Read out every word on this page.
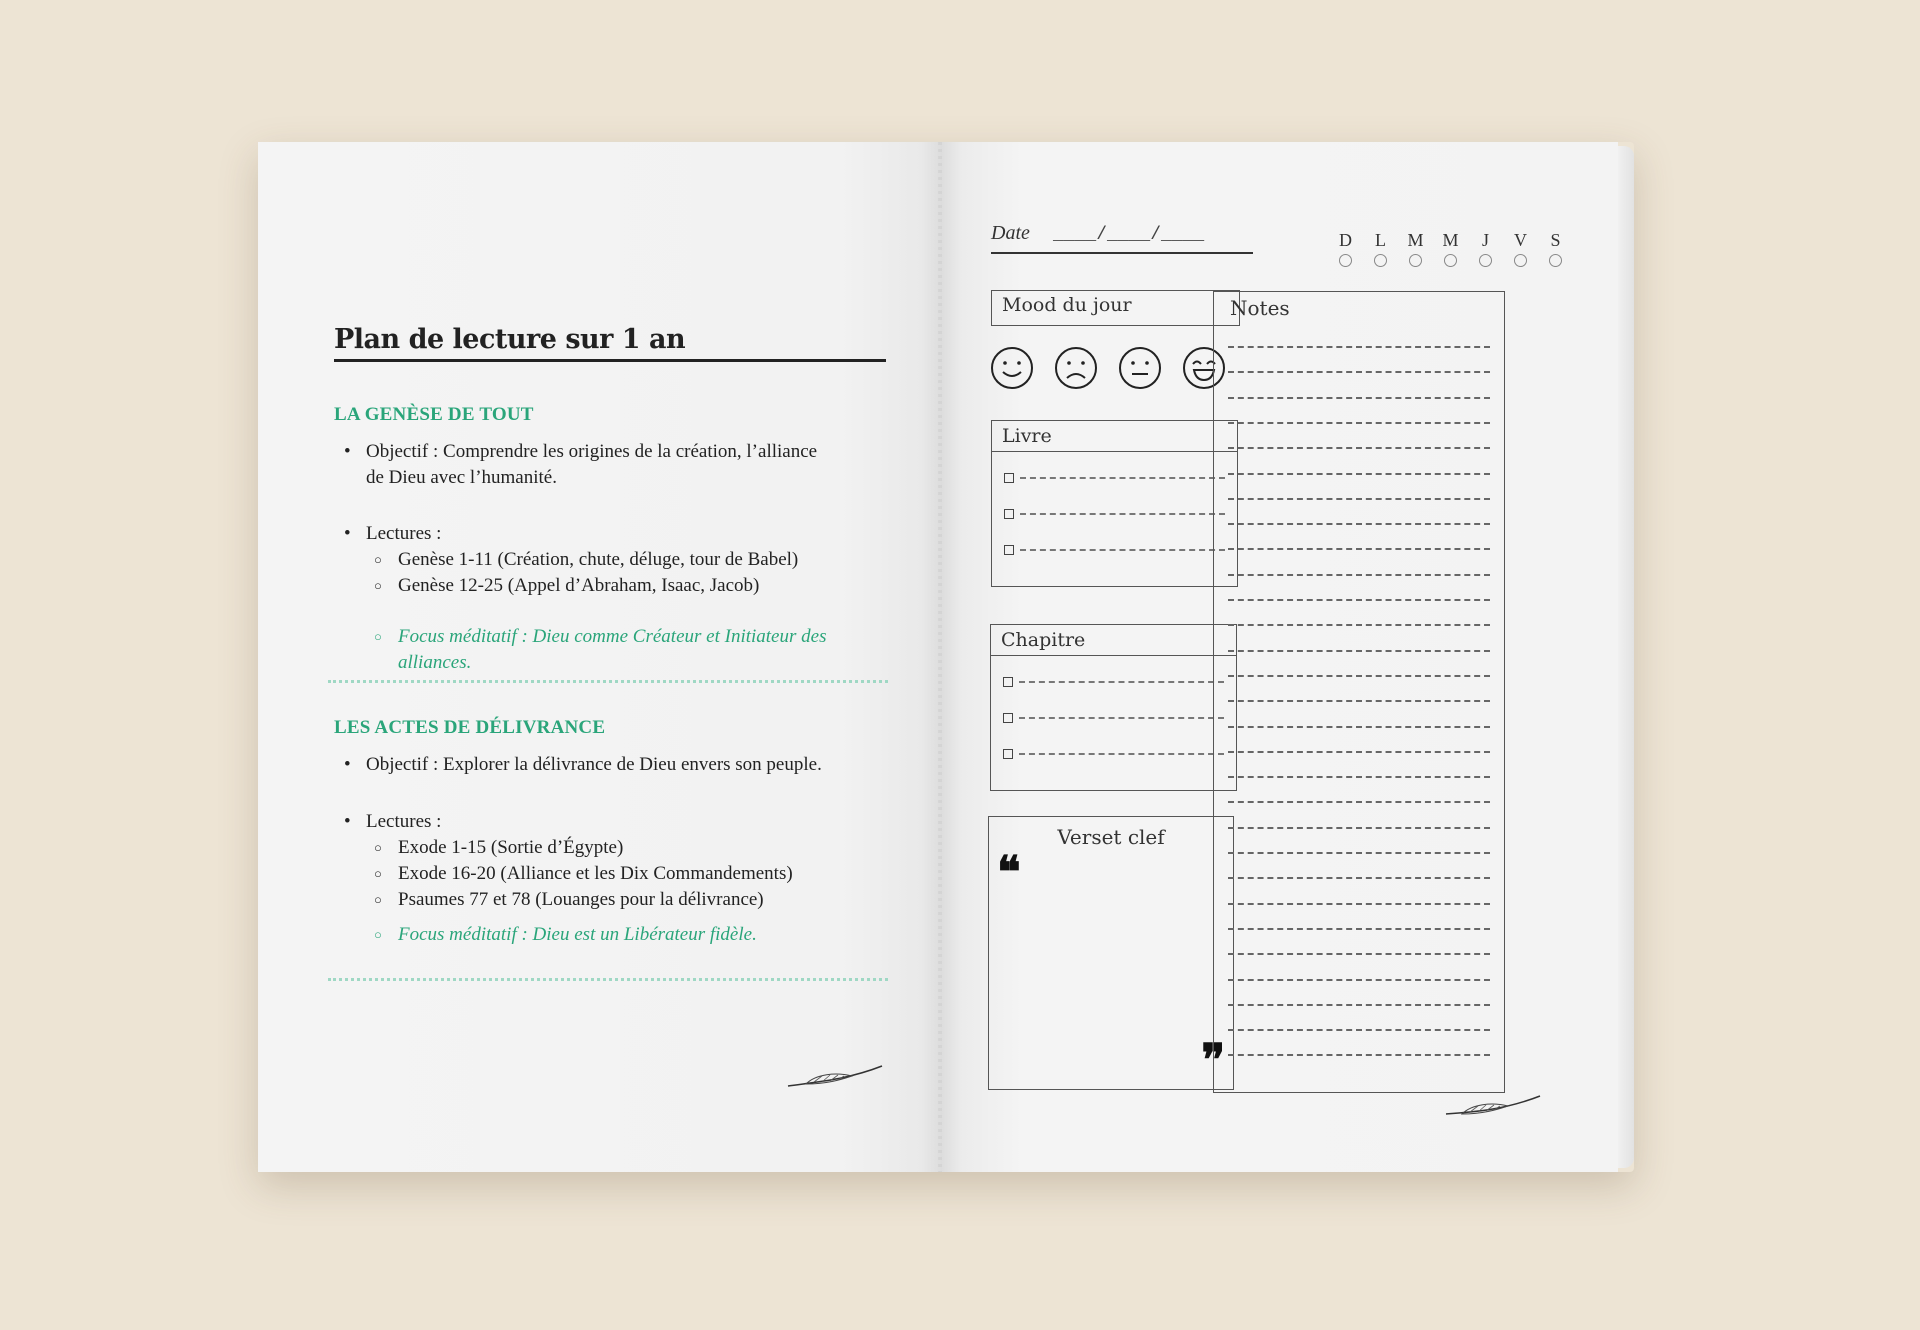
Plan de lecture sur 1 an
LA GENÈSE DE TOUT
• Objectif : Comprendre les origines de la création, l’alliance
de Dieu avec l’humanité.
• Lectures :
○ Genèse 1-11 (Création, chute, déluge, tour de Babel)
○ Genèse 12-25 (Appel d’Abraham, Isaac, Jacob)
○ Focus méditatif : Dieu comme Créateur et Initiateur des
alliances.
LES ACTES DE DÉLIVRANCE
• Objectif : Explorer la délivrance de Dieu envers son peuple.
• Lectures :
○ Exode 1-15 (Sortie d’Égypte)
○ Exode 16-20 (Alliance et les Dix Commandements)
○ Psaumes 77 et 78 (Louanges pour la délivrance)
○ Focus méditatif : Dieu est un Libérateur fidèle.
Date ____/____/____	D	L	M	M	J	V	S
Mood du jour
Livre
Chapitre
Verset clef
❝
❞
Notes
